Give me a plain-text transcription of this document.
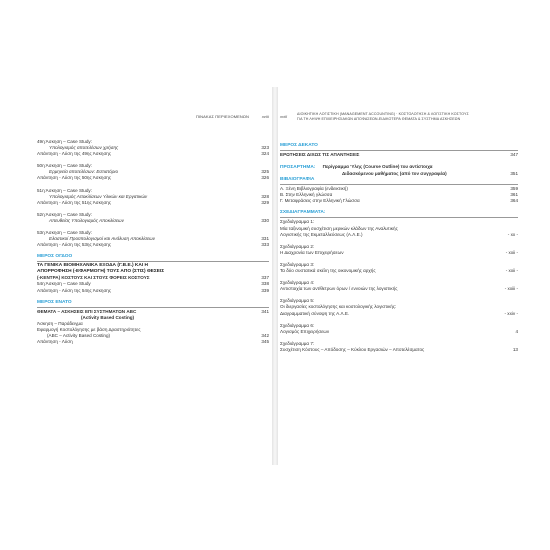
ΠΙΝΑΚΑΣ ΠΕΡΙΕΧΟΜΕΝΩΝ	xviii
49η Άσκηση – Case Study:
Υπολογισμός αποτελέσων χρήσης	323
Απάντηση - Λύση της 49ης Άσκησης	324
50η Άσκηση – Case Study:
Ερμηνεία αποτελέσων: Εστιατόριο	325
Απάντηση - Λύση της 50ης Άσκησης	326
51η Άσκηση – Case Study:
Υπολογισμός Αποκλίσεων Υλικών και Εργατικών	328
Απάντηση - Λύση της 51ης Άσκησης	329
52η Άσκηση – Case Study:
Απευθείας Υπολογισμός Αποκλίσεων	330
53η Άσκηση – Case Study:
Ελαστικοί Προϋπολογισμοί και Ανάλυση Αποκλίσεων	331
Απάντηση - Λύση της 53ης Άσκησης	333
ΜΕΡΟΣ ΟΓΔΟΟ
ΤΑ ΓΕΝΙΚΑ ΒΙΟΜΗΧΑΝΙΚΑ ΕΞΟΔΑ (Γ.Β.Ε.) ΚΑΙ Η
ΑΠΟΡΡΟΦΗΣΗ (-ΕΦΑΡΜΟΓΗ) ΤΟΥΣ ΑΠΟ (ΣΤΙΣ) ΘΕΣΕΙΣ
(-ΚΕΝΤΡΑ) ΚΟΣΤΟΥΣ ΚΑΙ ΣΤΟΥΣ ΦΟΡΕΙΣ ΚΟΣΤΟΥΣ	337
54η Άσκηση – Case Study	338
Απάντηση - Λύση της 54ης Άσκησης	339
ΜΕΡΟΣ ΕΝΑΤΟ
ΘΕΜΑΤΑ – ΑΣΚΗΣΕΙΣ ΕΠΙ ΣΥΣΤΗΜΑΤΩΝ ABC	341
(Activity Based Costing)
Άσκηση – Παράδειγμα
Εφαρμογή Κοστολόγησης με βάση Δραστηριότητες
(ABC – Activity Based Costing)	342
Απάντηση - Λύση	345
xviii	ΔΙΟΙΚΗΤΙΚΗ ΛΟΓΙΣΤΙΚΗ (MANAGEMENT ACCOUNTING) · ΚΟΣΤΟΛΟΓΗΣΗ & ΛΟΓΙΣΤΙΚΗ ΚΟΣΤΟΥΣ
ΓΙΑ ΤΗ ΛΗΨΗ ΕΠΙΧΕΙΡΗΣΙΑΚΩΝ ΑΠΟΦΑΣΕΩΝ-ΕΙΔΙΚΟΤΕΡΑ ΘΕΜΑΤΑ & ΣΥΣΤΗΜΑ ΑΣΚΗΣΕΩΝ
ΜΕΡΟΣ ΔΕΚΑΤΟ
ΕΡΩΤΗΣΕΙΣ ΔΙΧΩΣ ΤΙΣ ΑΠΑΝΤΗΣΕΙΣ	347
ΠΡΟΣΑΡΤΗΜΑ: Περίγραμμα 'Υλης (Course Outline) του αντίστοιχα
Διδασκόμενου μαθήματος (από τον συγγραφέα)	351
ΒΙΒΛΙΟΓΡΑΦΙΑ
Α. Ξένη Βιβλιογραφία (ενδεικτική)	359
Β. Στην Ελληνική γλώσσα	361
Γ. Μεταφράσεις στην Ελληνική Γλώσσα	364
ΣΧΕΔΙΑΓΡΑΜΜΑΤΑ:
Σχεδιάγραμμα 1:
Μία ταξινομική συσχέτιση μερικών κλάδων της Αναλυτικής
Λογιστικής της Εκμεταλλεύσεως (Α.Λ.Ε.)	- xx -
Σχεδιάγραμμα 2:
Η Διαχρονία των Επιχειρήσεων	- xxii -
Σχεδιάγραμμα 3:
Τα δύο συστατικά σκέλη της οικονομικής αρχής	- xxii -
Σχεδιάγραμμα 4:
Αντιστοιχία των αντίθετρων όρων / εννοιών της λογιστικής	- xxiii -
Σχεδιάγραμμα 5:
Οι διεργασίες κοστολόγησης και κοστολογικής λογιστικής:
Διαγραμματική σύνοψη της Α.Λ.Ε.	- xxiv -
Σχεδιάγραμμα 6:
Λογισμός Επιχειρήσεων	4
Σχεδιάγραμμα 7:
Συσχέτιση Κόστους – Απόδοσης – Κύκλου Εργασιών – Αποτελέσματος	13
